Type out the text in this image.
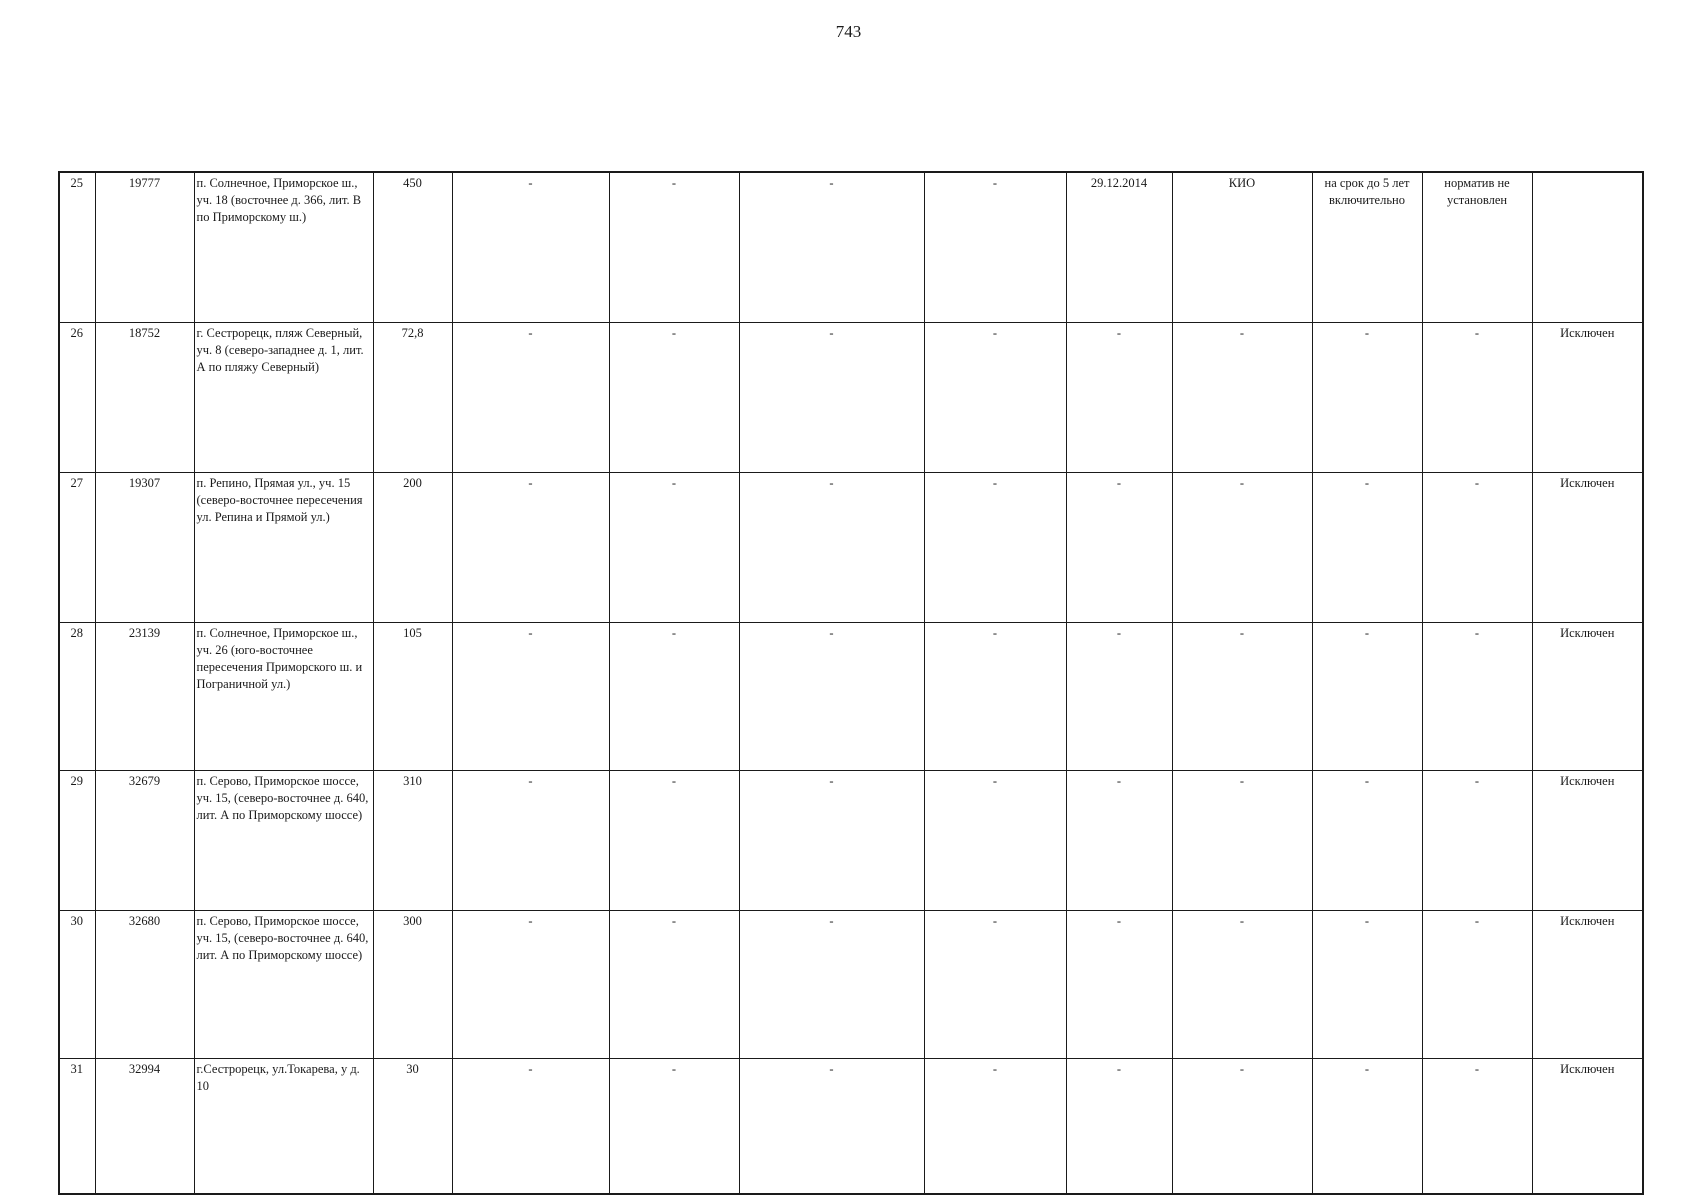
743
25	19777	п. Солнечное, Приморское ш., уч. 18 (восточнее д. 366, лит. В по Приморскому ш.)	450	-	-	-	-	29.12.2014	КИО	на срок до 5 лет включительно	норматив не установлен	
26	18752	г. Сестрорецк, пляж Северный, уч. 8 (северо-западнее д. 1, лит. А по пляжу Северный)	72,8	-	-	-	-	-	-	-	-	Исключен
27	19307	п. Репино, Прямая ул., уч. 15 (северо-восточнее пересечения ул. Репина и Прямой ул.)	200	-	-	-	-	-	-	-	-	Исключен
28	23139	п. Солнечное, Приморское ш., уч. 26 (юго-восточнее пересечения Приморского ш. и Пограничной ул.)	105	-	-	-	-	-	-	-	-	Исключен
29	32679	п. Серово, Приморское шоссе, уч. 15, (северо-восточнее д. 640, лит. А по Приморскому шоссе)	310	-	-	-	-	-	-	-	-	Исключен
30	32680	п. Серово, Приморское шоссе, уч. 15, (северо-восточнее д. 640, лит. А по Приморскому шоссе)	300	-	-	-	-	-	-	-	-	Исключен
31	32994	г.Сестрорецк, ул.Токарева, у д. 10	30	-	-	-	-	-	-	-	-	Исключен
